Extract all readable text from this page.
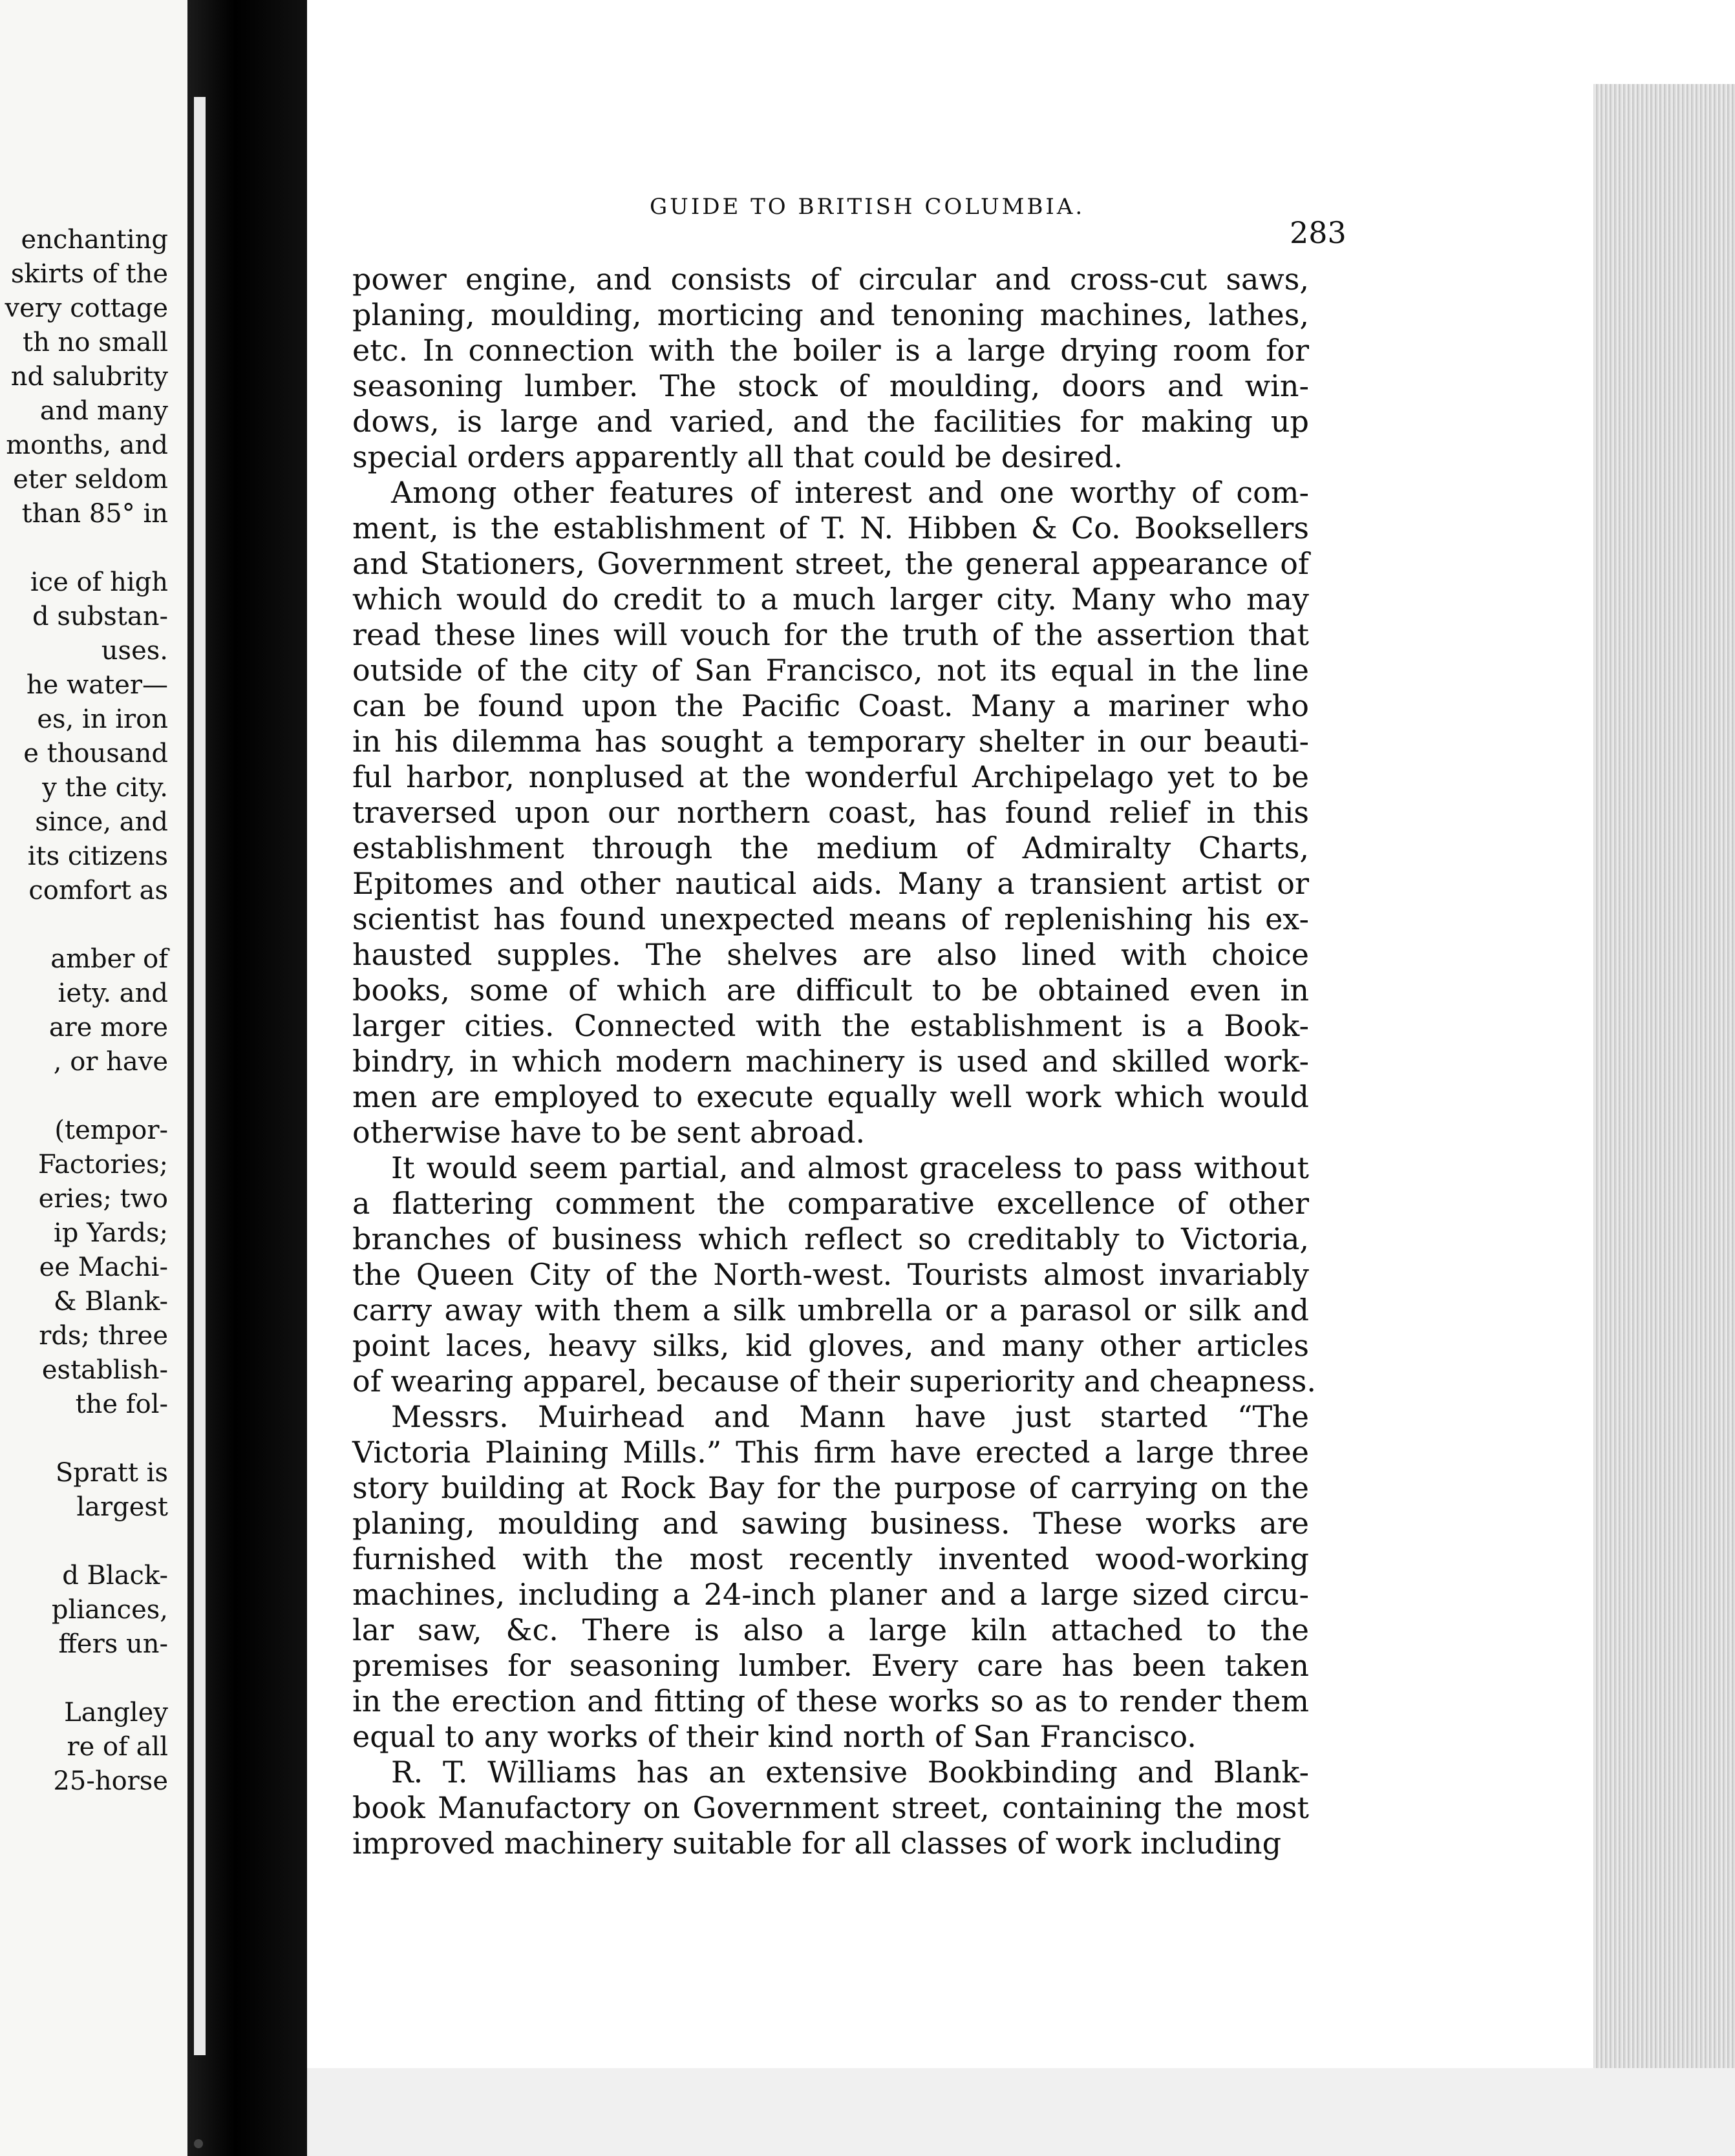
enchanting
skirts of the
very cottage
th no small
nd salubrity
and many
months, and
eter seldom
than 85° in
ice of high
d substan-
uses.
he water—
es, in iron
e thousand
y the city.
since, and
its citizens
comfort as
amber of
iety. and
are more
, or have
(tempor-
Factories;
eries; two
ip Yards;
ee Machi-
& Blank-
rds; three
establish-
the fol-
Spratt is
largest
d Black-
pliances,
ffers un-
Langley
re of all
25-horse
GUIDE TO BRITISH COLUMBIA.
283
power engine, and consists of circular and cross-cut saws,
planing, moulding, morticing and tenoning machines, lathes,
etc. In connection with the boiler is a large drying room for
seasoning lumber. The stock of moulding, doors and win-
dows, is large and varied, and the facilities for making up
special orders apparently all that could be desired.
Among other features of interest and one worthy of com-
ment, is the establishment of T. N. Hibben & Co. Booksellers
and Stationers, Government street, the general appearance of
which would do credit to a much larger city. Many who may
read these lines will vouch for the truth of the assertion that
outside of the city of San Francisco, not its equal in the line
can be found upon the Pacific Coast. Many a mariner who
in his dilemma has sought a temporary shelter in our beauti-
ful harbor, nonplused at the wonderful Archipelago yet to be
traversed upon our northern coast, has found relief in this
establishment through the medium of Admiralty Charts,
Epitomes and other nautical aids. Many a transient artist or
scientist has found unexpected means of replenishing his ex-
hausted supples. The shelves are also lined with choice
books, some of which are difficult to be obtained even in
larger cities. Connected with the establishment is a Book-
bindry, in which modern machinery is used and skilled work-
men are employed to execute equally well work which would
otherwise have to be sent abroad.
It would seem partial, and almost graceless to pass without
a flattering comment the comparative excellence of other
branches of business which reflect so creditably to Victoria,
the Queen City of the North-west. Tourists almost invariably
carry away with them a silk umbrella or a parasol or silk and
point laces, heavy silks, kid gloves, and many other articles
of wearing apparel, because of their superiority and cheapness.
Messrs. Muirhead and Mann have just started “The
Victoria Plaining Mills.” This firm have erected a large three
story building at Rock Bay for the purpose of carrying on the
planing, moulding and sawing business. These works are
furnished with the most recently invented wood-working
machines, including a 24-inch planer and a large sized circu-
lar saw, &c. There is also a large kiln attached to the
premises for seasoning lumber. Every care has been taken
in the erection and fitting of these works so as to render them
equal to any works of their kind north of San Francisco.
R. T. Williams has an extensive Bookbinding and Blank-
book Manufactory on Government street, containing the most
improved machinery suitable for all classes of work including
